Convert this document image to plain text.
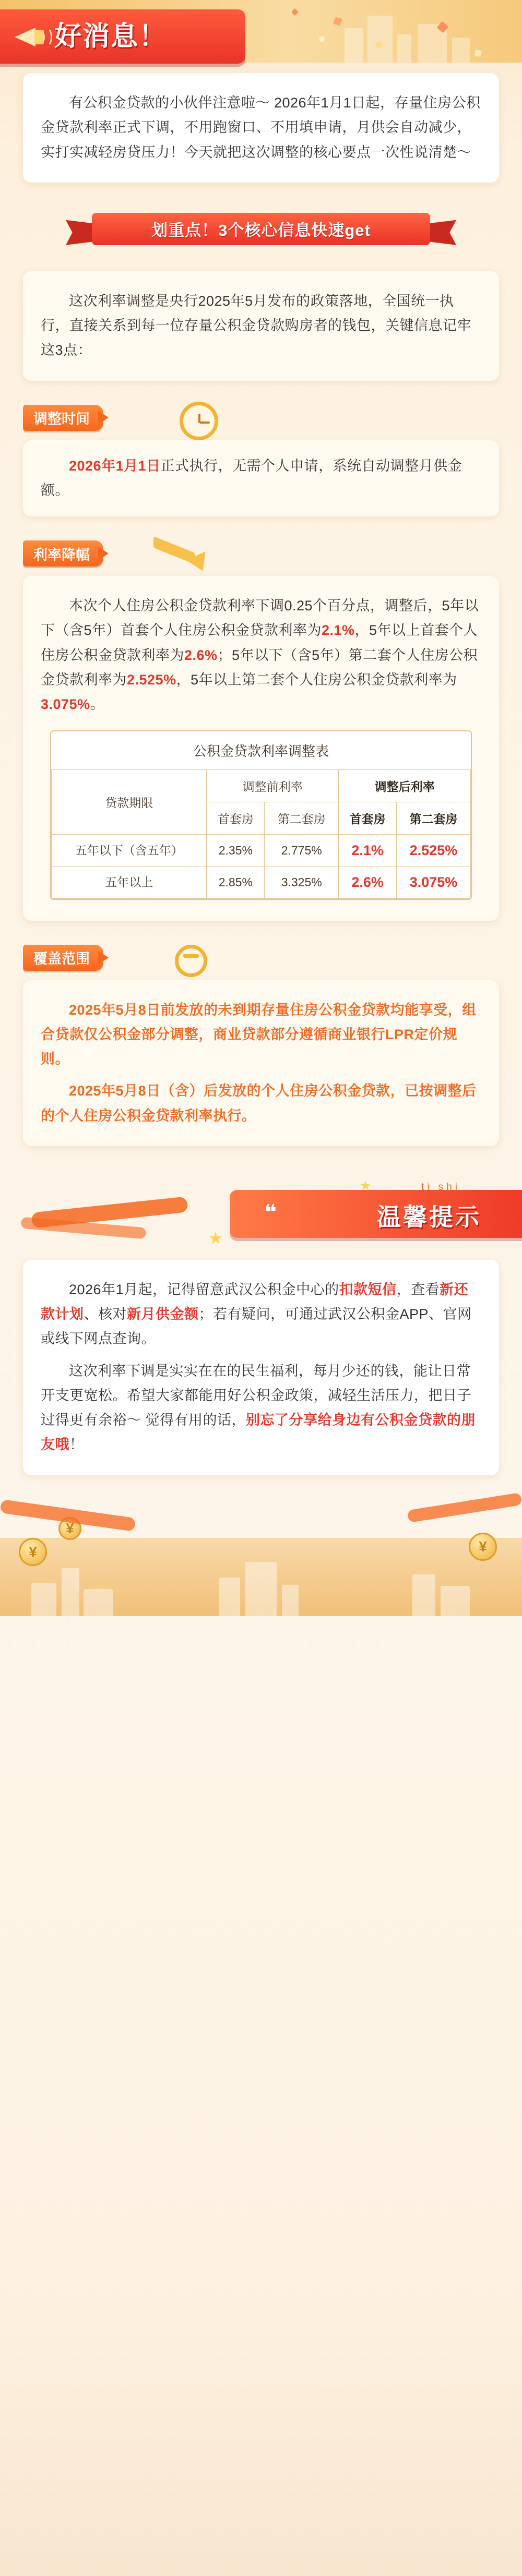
好消息！

有公积金贷款的小伙伴注意啦～ 2026年1月1日起，存量住房公积金贷款利率正式下调，不用跑窗口、不用填申请，月供会自动减少，实打实减轻房贷压力！今天就把这次调整的核心要点一次性说清楚～

划重点！3个核心信息快速get

这次利率调整是央行2025年5月发布的政策落地，全国统一执行，直接关系到每一位存量公积金贷款购房者的钱包，关键信息记牢这3点：

调整时间

2026年1月1日正式执行，无需个人申请，系统自动调整月供金额。

利率降幅

本次个人住房公积金贷款利率下调0.25个百分点，调整后，5年以下（含5年）首套个人住房公积金贷款利率为2.1%，5年以上首套个人住房公积金贷款利率为2.6%；5年以下（含5年）第二套个人住房公积金贷款利率为2.525%，5年以上第二套个人住房公积金贷款利率为3.075%。

公积金贷款利率调整表				
贷款期限	调整前利率		调整后利率	
	首套房	第二套房	首套房	第二套房
五年以下（含五年）	2.35%	2.775%	2.1%	2.525%
五年以上	2.85%	3.325%	2.6%	3.075%
覆盖范围

2025年5月8日前发放的未到期存量住房公积金贷款均能享受，组合贷款仅公积金部分调整，商业贷款部分遵循商业银行LPR定价规则。

2025年5月8日（含）后发放的个人住房公积金贷款，已按调整后的个人住房公积金贷款利率执行。

❝
ti shi
温馨提示

2026年1月起，记得留意武汉公积金中心的扣款短信，查看新还款计划、核对新月供金额；若有疑问，可通过武汉公积金APP、官网或线下网点查询。

这次利率下调是实实在在的民生福利，每月少还的钱，能让日常开支更宽松。希望大家都能用好公积金政策，减轻生活压力，把日子过得更有余裕～ 觉得有用的话，别忘了分享给身边有公积金贷款的朋友哦！

¥
¥
¥
